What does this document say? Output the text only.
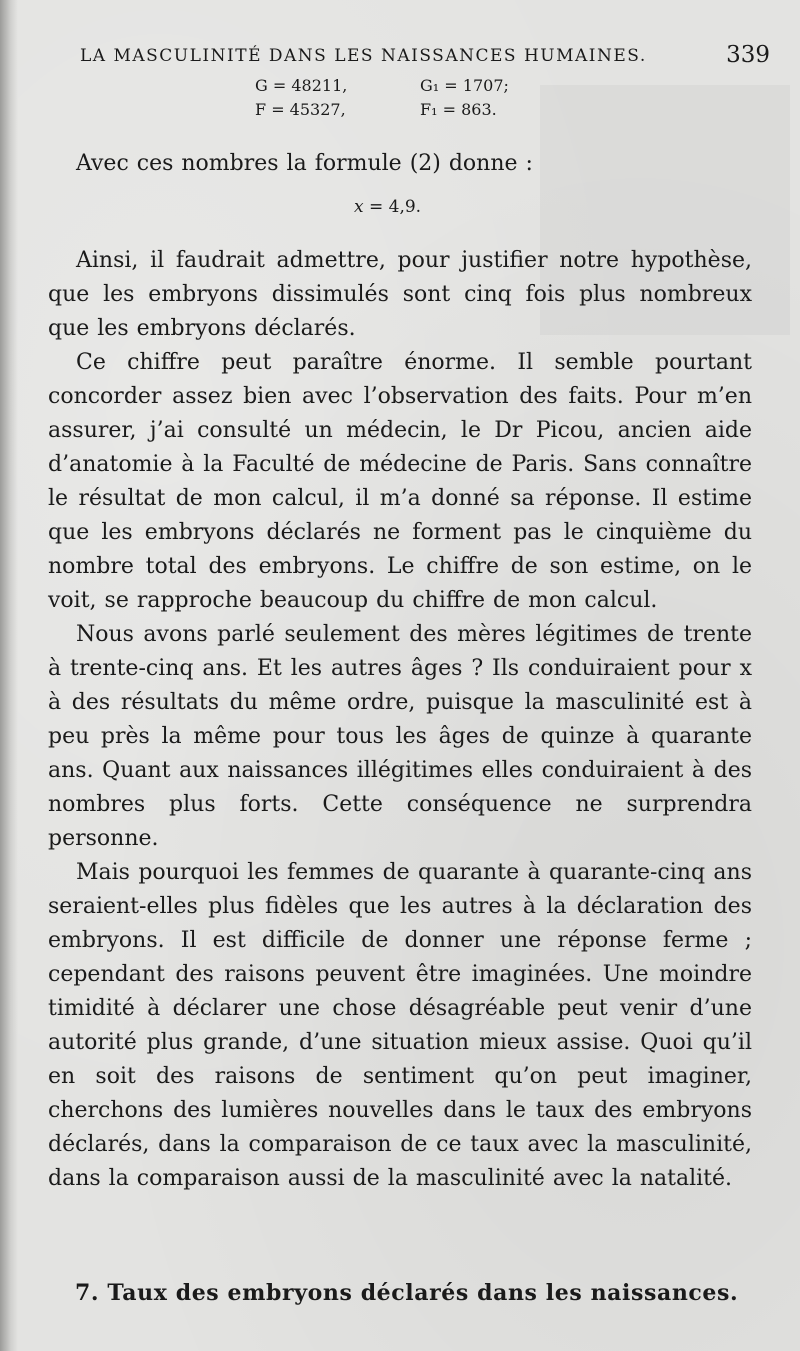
LA MASCULINITÉ DANS LES NAISSANCES HUMAINES.	339
G = 48211,	G₁ = 1707;
F = 45327,	F₁ = 863.

Avec ces nombres la formule (2) donne :

x = 4,9.

Ainsi, il faudrait admettre, pour justifier notre hypothèse, que les embryons dissimulés sont cinq fois plus nombreux que les embryons déclarés.

Ce chiffre peut paraître énorme. Il semble pourtant concorder assez bien avec l’observation des faits. Pour m’en assurer, j’ai consulté un médecin, le Dr Picou, ancien aide d’anatomie à la Faculté de médecine de Paris. Sans connaître le résultat de mon calcul, il m’a donné sa réponse. Il estime que les embryons déclarés ne forment pas le cinquième du nombre total des embryons. Le chiffre de son estime, on le voit, se rapproche beaucoup du chiffre de mon calcul.

Nous avons parlé seulement des mères légitimes de trente à trente-cinq ans. Et les autres âges ? Ils conduiraient pour x à des résultats du même ordre, puisque la masculinité est à peu près la même pour tous les âges de quinze à quarante ans. Quant aux naissances illégitimes elles conduiraient à des nombres plus forts. Cette conséquence ne surprendra personne.

Mais pourquoi les femmes de quarante à quarante-cinq ans seraient-elles plus fidèles que les autres à la déclaration des embryons. Il est difficile de donner une réponse ferme ; cependant des raisons peuvent être imaginées. Une moindre timidité à déclarer une chose désagréable peut venir d’une autorité plus grande, d’une situation mieux assise. Quoi qu’il en soit des raisons de sentiment qu’on peut imaginer, cherchons des lumières nouvelles dans le taux des embryons déclarés, dans la comparaison de ce taux avec la masculinité, dans la comparaison aussi de la masculinité avec la natalité.

7. Taux des embryons déclarés dans les naissances.
